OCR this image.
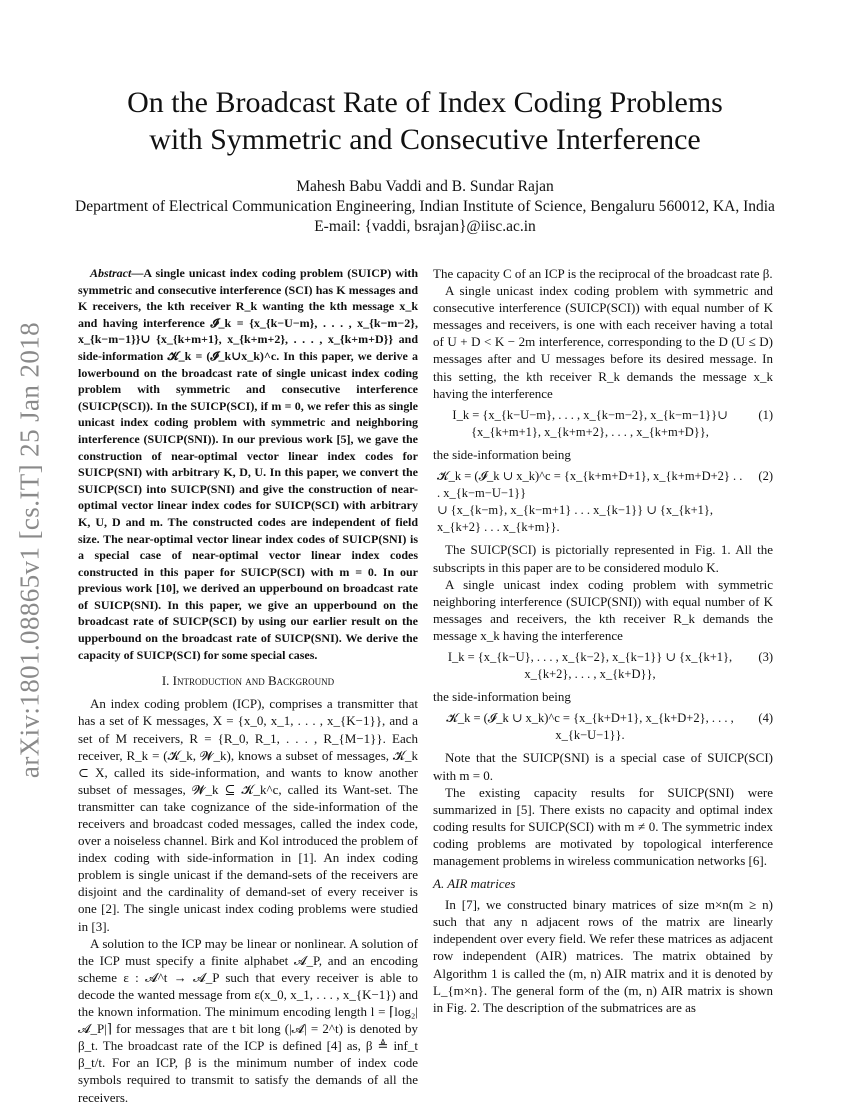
arXiv:1801.08865v1 [cs.IT] 25 Jan 2018
On the Broadcast Rate of Index Coding Problems
with Symmetric and Consecutive Interference
Mahesh Babu Vaddi and B. Sundar Rajan
Department of Electrical Communication Engineering, Indian Institute of Science, Bengaluru 560012, KA, India
E-mail: {vaddi, bsrajan}@iisc.ac.in

Abstract—A single unicast index coding problem (SUICP) with symmetric and consecutive interference (SCI) has K messages and K receivers, the kth receiver R_k wanting the kth message x_k and having interference 𝓘_k = {x_{k−U−m}, . . . , x_{k−m−2}, x_{k−m−1}}∪ {x_{k+m+1}, x_{k+m+2}, . . . , x_{k+m+D}} and side-information 𝓚_k = (𝓘_k∪x_k)^c. In this paper, we derive a lowerbound on the broadcast rate of single unicast index coding problem with symmetric and consecutive interference (SUICP(SCI)). In the SUICP(SCI), if m = 0, we refer this as single unicast index coding problem with symmetric and neighboring interference (SUICP(SNI)). In our previous work [5], we gave the construction of near-optimal vector linear index codes for SUICP(SNI) with arbitrary K, D, U. In this paper, we convert the SUICP(SCI) into SUICP(SNI) and give the construction of near-optimal vector linear index codes for SUICP(SCI) with arbitrary K, U, D and m. The constructed codes are independent of field size. The near-optimal vector linear index codes of SUICP(SNI) is a special case of near-optimal vector linear index codes constructed in this paper for SUICP(SCI) with m = 0. In our previous work [10], we derived an upperbound on broadcast rate of SUICP(SNI). In this paper, we give an upperbound on the broadcast rate of SUICP(SCI) by using our earlier result on the upperbound on the broadcast rate of SUICP(SNI). We derive the capacity of SUICP(SCI) for some special cases.

I. Introduction and Background

An index coding problem (ICP), comprises a transmitter that has a set of K messages, X = {x_0, x_1, . . . , x_{K−1}}, and a set of M receivers, R = {R_0, R_1, . . . , R_{M−1}}. Each receiver, R_k = (𝓚_k, 𝓦_k), knows a subset of messages, 𝓚_k ⊂ X, called its side-information, and wants to know another subset of messages, 𝓦_k ⊆ 𝓚_k^c, called its Want-set. The transmitter can take cognizance of the side-information of the receivers and broadcast coded messages, called the index code, over a noiseless channel. Birk and Kol introduced the problem of index coding with side-information in [1]. An index coding problem is single unicast if the demand-sets of the receivers are disjoint and the cardinality of demand-set of every receiver is one [2]. The single unicast index coding problems were studied in [3].

A solution to the ICP may be linear or nonlinear. A solution of the ICP must specify a finite alphabet 𝓐_P, and an encoding scheme ε : 𝓐^t → 𝓐_P such that every receiver is able to decode the wanted message from ε(x_0, x_1, . . . , x_{K−1}) and the known information. The minimum encoding length l = ⌈log₂|𝓐_P|⌉ for messages that are t bit long (|𝓐| = 2^t) is denoted by β_t. The broadcast rate of the ICP is defined [4] as, β ≜ inf_t β_t/t. For an ICP, β is the minimum number of index code symbols required to transmit to satisfy the demands of all the receivers.

The capacity C of an ICP is the reciprocal of the broadcast rate β.

A single unicast index coding problem with symmetric and consecutive interference (SUICP(SCI)) with equal number of K messages and receivers, is one with each receiver having a total of U + D < K − 2m interference, corresponding to the D (U ≤ D) messages after and U messages before its desired message. In this setting, the kth receiver R_k demands the message x_k having the interference

I_k = {x_{k−U−m}, . . . , x_{k−m−2}, x_{k−m−1}}∪
{x_{k+m+1}, x_{k+m+2}, . . . , x_{k+m+D}},
(1)

the side-information being

𝓚_k = (𝓘_k ∪ x_k)^c = {x_{k+m+D+1}, x_{k+m+D+2} . . . x_{k−m−U−1}}
∪ {x_{k−m}, x_{k−m+1} . . . x_{k−1}} ∪ {x_{k+1}, x_{k+2} . . . x_{k+m}}.
(2)

The SUICP(SCI) is pictorially represented in Fig. 1. All the subscripts in this paper are to be considered modulo K.

A single unicast index coding problem with symmetric neighboring interference (SUICP(SNI)) with equal number of K messages and receivers, the kth receiver R_k demands the message x_k having the interference

I_k = {x_{k−U}, . . . , x_{k−2}, x_{k−1}} ∪ {x_{k+1}, x_{k+2}, . . . , x_{k+D}},
(3)

the side-information being

𝓚_k = (𝓘_k ∪ x_k)^c = {x_{k+D+1}, x_{k+D+2}, . . . , x_{k−U−1}}.
(4)

Note that the SUICP(SNI) is a special case of SUICP(SCI) with m = 0.

The existing capacity results for SUICP(SNI) were summarized in [5]. There exists no capacity and optimal index coding results for SUICP(SCI) with m ≠ 0. The symmetric index coding problems are motivated by topological interference management problems in wireless communication networks [6].

A. AIR matrices

In [7], we constructed binary matrices of size m×n(m ≥ n) such that any n adjacent rows of the matrix are linearly independent over every field. We refer these matrices as adjacent row independent (AIR) matrices. The matrix obtained by Algorithm 1 is called the (m, n) AIR matrix and it is denoted by L_{m×n}. The general form of the (m, n) AIR matrix is shown in Fig. 2. The description of the submatrices are as
